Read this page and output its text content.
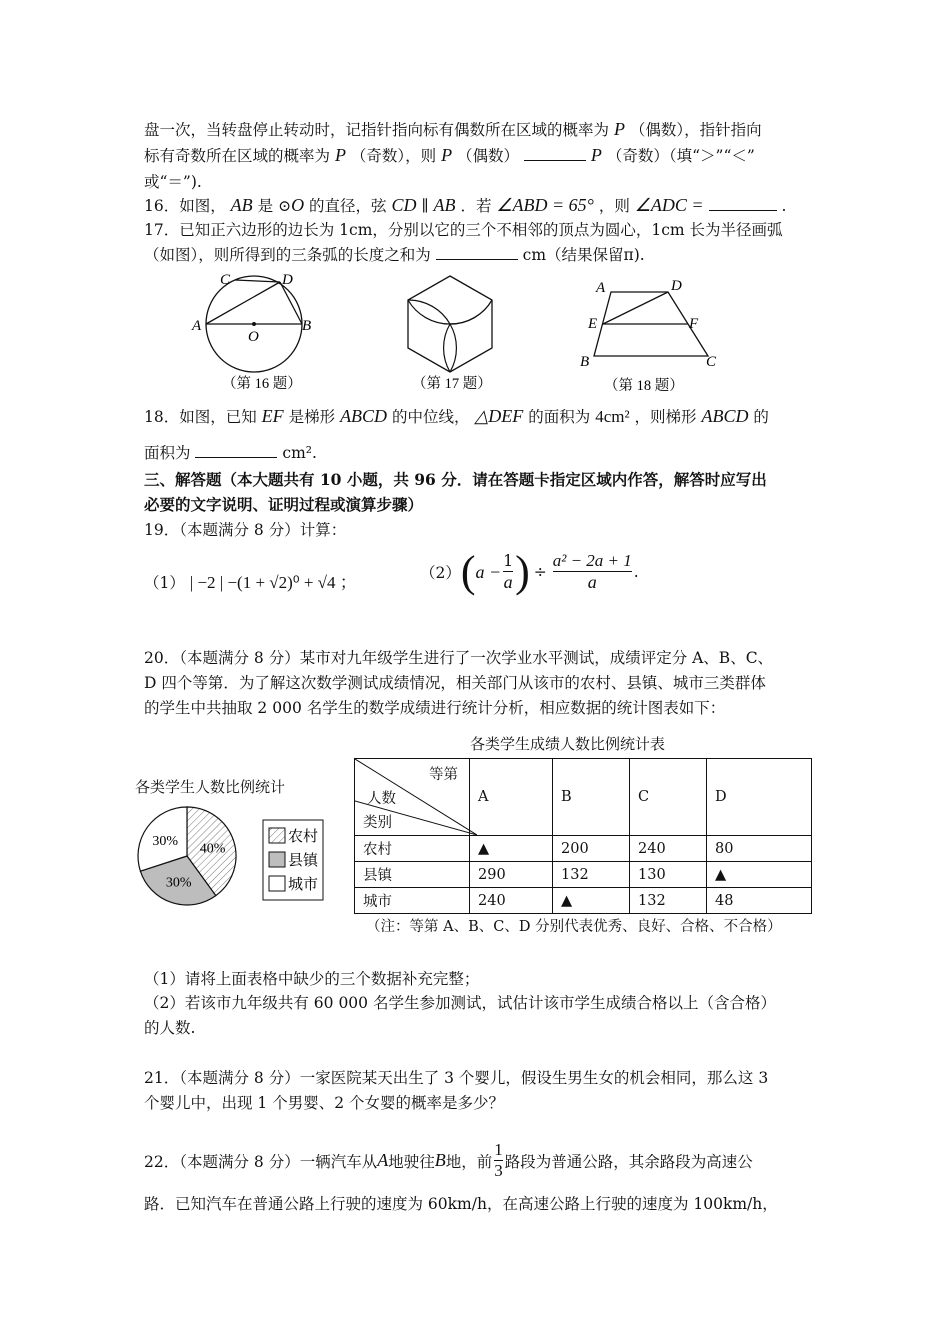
盘一次，当转盘停止转动时，记指针指向标有偶数所在区域的概率为 P （偶数），指针指向
标有奇数所在区域的概率为 P （奇数），则 P （偶数）	P （奇数）（填“＞”“＜”
或“＝”).
16．如图， AB 是 ⊙O 的直径，弦 CD ∥ AB ．若 ∠ABD = 65° ，则 ∠ADC =	.
17．已知正六边形的边长为 1cm，分别以它的三个不相邻的顶点为圆心，1cm 长为半径画弧
（如图），则所得到的三条弧的长度之和为	cm（结果保留π).
C	D
A	B
O
（第 16 题）	（第 17 题）
A	D
E	F
B	C
（第 18 题）
18．如图，已知 EF 是梯形 ABCD 的中位线， △DEF 的面积为 4cm² ，则梯形 ABCD 的
面积为	cm².
三、解答题（本大题共有 10 小题，共 96 分．请在答题卡指定区域内作答，解答时应写出
必要的文字说明、证明过程或演算步骤）
19．（本题满分 8 分）计算：
（1） | −2 | −(1 + √2)⁰ + √4 ；	（2） ( $a - \frac{1}{a}$ ) ÷ $\frac{\text{a² − 2a + 1}}{a}$ .
20．（本题满分 8 分）某市对九年级学生进行了一次学业水平测试，成绩评定分 A、B、C、
D 四个等第．为了解这次数学测试成绩情况，相关部门从该市的农村、县镇、城市三类群体
的学生中共抽取 2 000 名学生的数学成绩进行统计分析，相应数据的统计图表如下：
各类学生成绩人数比例统计表
各类学生人数比例统计
40%
30%
30%	农村
县镇
城市
等第
人数
类别	A	B	C	D
农村	▲	200	240	80
县镇	290	132	130	▲
城市	240	▲	132	48
（注：等第 A、B、C、D 分别代表优秀、良好、合格、不合格）
（1）请将上面表格中缺少的三个数据补充完整；
（2）若该市九年级共有 60 000 名学生参加测试，试估计该市学生成绩合格以上（含合格）
的人数.
21．（本题满分 8 分）一家医院某天出生了 3 个婴儿，假设生男生女的机会相同，那么这 3
个婴儿中，出现 1 个男婴、2 个女婴的概率是多少？
22．（本题满分 8 分）一辆汽车从 A 地驶往 B 地，前 $\frac{1}{3}$ 路段为普通公路，其余路段为高速公
路．已知汽车在普通公路上行驶的速度为 60km/h，在高速公路上行驶的速度为 100km/h，
